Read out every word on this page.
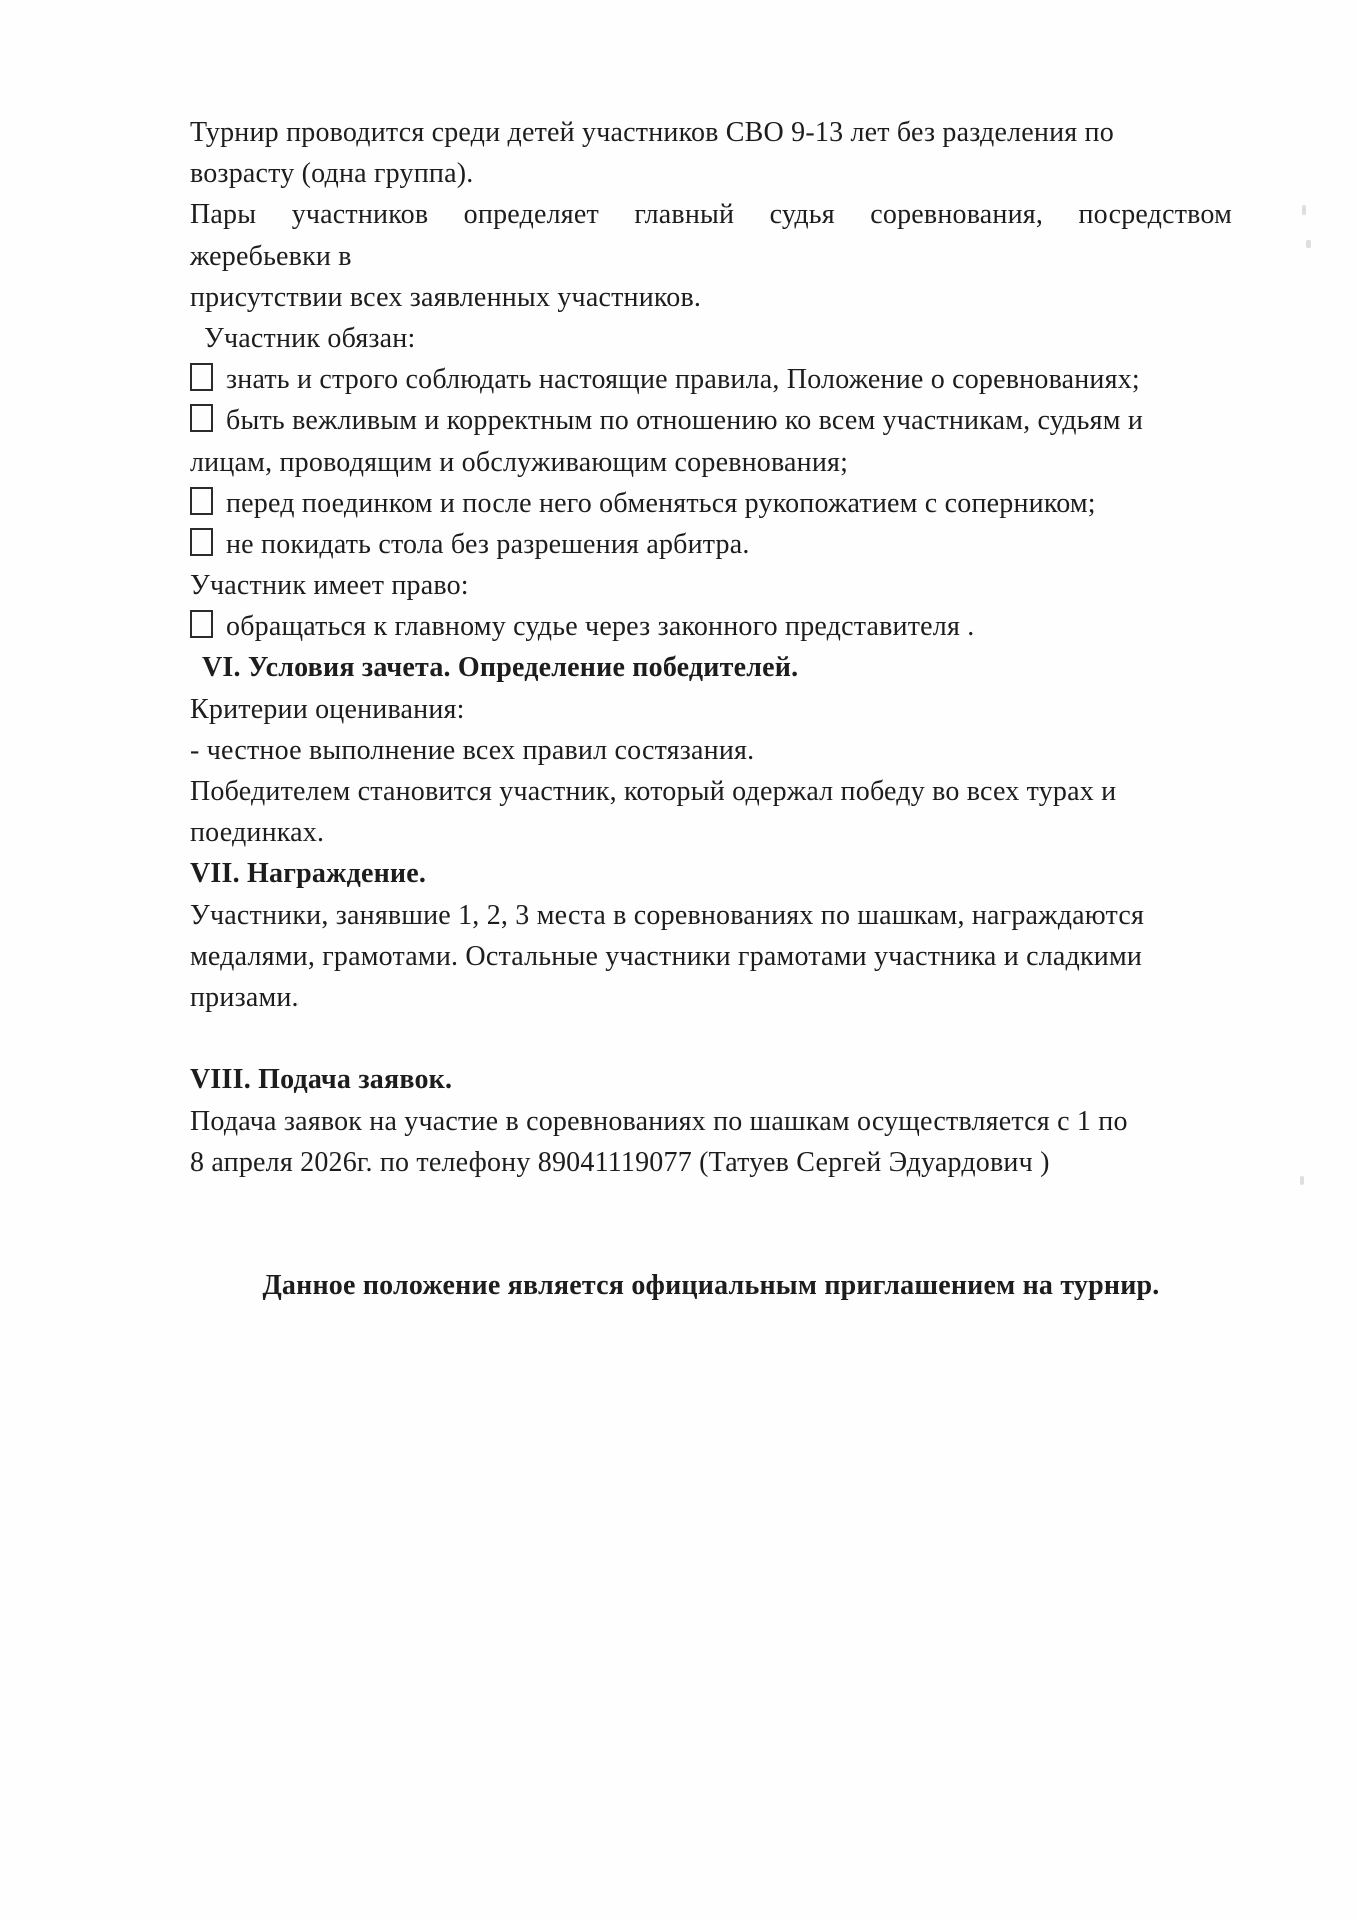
Турнир проводится среди детей участников СВО 9-13 лет без разделения по
возрасту (одна группа).
Пары участников определяет главный судья соревнования, посредством
жеребьевки в
присутствии всех заявленных участников.
Участник обязан:
знать и строго соблюдать настоящие правила, Положение о соревнованиях;
быть вежливым и корректным по отношению ко всем участникам, судьям и
лицам, проводящим и обслуживающим соревнования;
перед поединком и после него обменяться рукопожатием с соперником;
не покидать стола без разрешения арбитра.
Участник имеет право:
обращаться к главному судье через законного представителя .
VI. Условия зачета. Определение победителей.
Критерии оценивания:
- честное выполнение всех правил состязания.
Победителем становится участник, который одержал победу во всех турах и
поединках.
VII. Награждение.
Участники, занявшие 1, 2, 3 места в соревнованиях по шашкам, награждаются
медалями, грамотами. Остальные участники грамотами участника и сладкими
призами.
VIII. Подача заявок.
Подача заявок на участие в соревнованиях по шашкам осуществляется с 1 по
8 апреля 2026г. по телефону 89041119077 (Татуев Сергей Эдуардович )
Данное положение является официальным приглашением на турнир.
